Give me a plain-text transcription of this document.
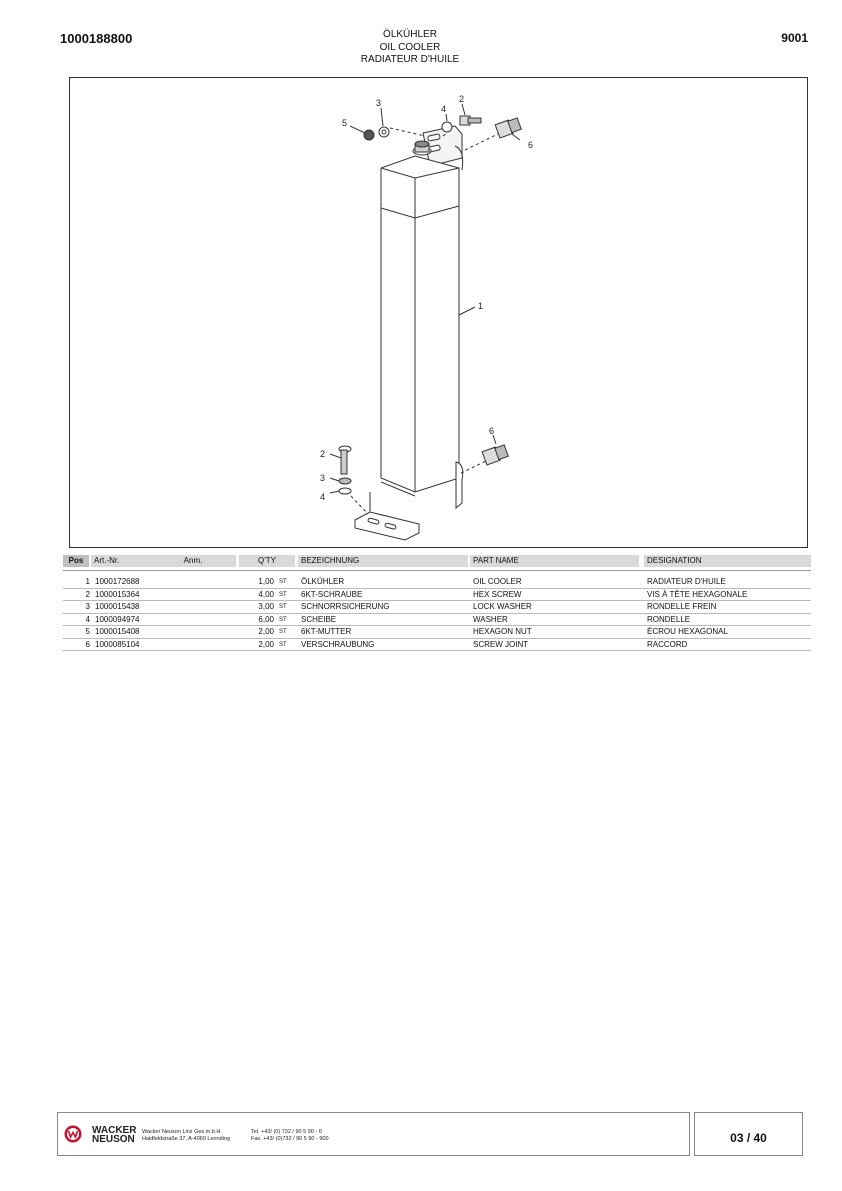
1000188800	ÖLKÜHLER
OIL COOLER
RADIATEUR D'HUILE
9001
1
2
3
4
5
6
2
3
4
6
Pos	Art.-Nr.	Anm.	Q'TY	BEZEICHNUNG	PART NAME	DESIGNATION
1 1000172688	1,00 ST ÖLKÜHLER	OIL COOLER	RADIATEUR D'HUILE
2 1000015364	4,00 ST 6KT-SCHRAUBE	HEX SCREW	VIS À TÊTE HEXAGONALE
3 1000015438	3,00 ST SCHNORRSICHERUNG	LOCK WASHER	RONDELLE FREIN
4 1000094974	6,00 ST SCHEIBE	WASHER	RONDELLE
5 1000015408	2,00 ST 6KT-MUTTER	HEXAGON NUT	ÉCROU HEXAGONAL
6 1000085104	2,00 ST VERSCHRAUBUNG	SCREW JOINT	RACCORD
WACKER
NEUSON
Wacker Neuson Linz Ges.m.b.H.
Haidfeldstraße 37, A-4060 Leonding
Tel. +43/ (0) 732 / 90 5 90 - 0
Fax. +43/ (0)732 / 90 5 90 - 900	03 / 40
